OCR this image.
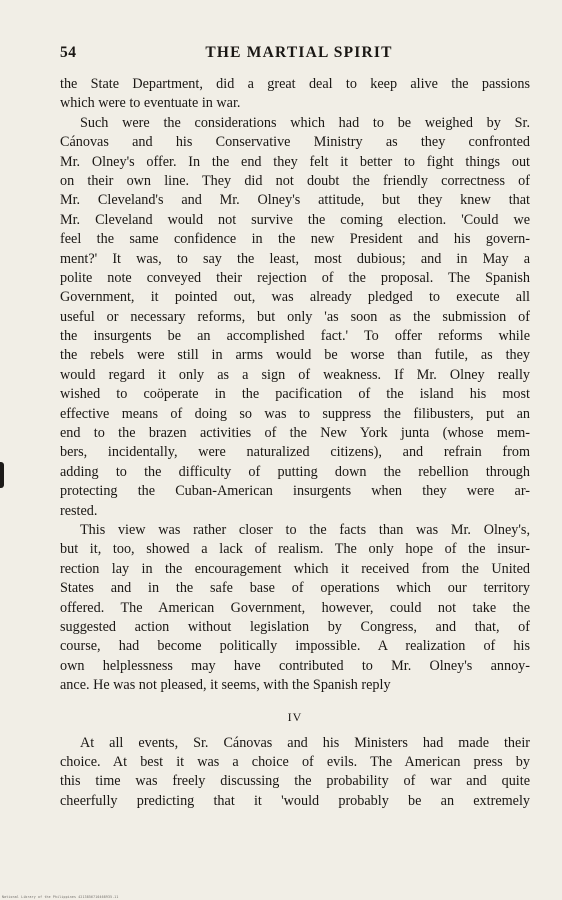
54	THE MARTIAL SPIRIT
the State Department, did a great deal to keep alive the passions
which were to eventuate in war.
Such were the considerations which had to be weighed by Sr.
Cánovas and his Conservative Ministry as they confronted
Mr. Olney's offer. In the end they felt it better to fight things out
on their own line. They did not doubt the friendly correctness of
Mr. Cleveland's and Mr. Olney's attitude, but they knew that
Mr. Cleveland would not survive the coming election. 'Could we
feel the same confidence in the new President and his govern-
ment?' It was, to say the least, most dubious; and in May a
polite note conveyed their rejection of the proposal. The Spanish
Government, it pointed out, was already pledged to execute all
useful or necessary reforms, but only 'as soon as the submission of
the insurgents be an accomplished fact.' To offer reforms while
the rebels were still in arms would be worse than futile, as they
would regard it only as a sign of weakness. If Mr. Olney really
wished to coöperate in the pacification of the island his most
effective means of doing so was to suppress the filibusters, put an
end to the brazen activities of the New York junta (whose mem-
bers, incidentally, were naturalized citizens), and refrain from
adding to the difficulty of putting down the rebellion through
protecting the Cuban-American insurgents when they were ar-
rested.
This view was rather closer to the facts than was Mr. Olney's,
but it, too, showed a lack of realism. The only hope of the insur-
rection lay in the encouragement which it received from the United
States and in the safe base of operations which our territory
offered. The American Government, however, could not take the
suggested action without legislation by Congress, and that, of
course, had become politically impossible. A realization of his
own helplessness may have contributed to Mr. Olney's annoy-
ance. He was not pleased, it seems, with the Spanish reply
IV
At all events, Sr. Cánovas and his Ministers had made their
choice. At best it was a choice of evils. The American press by
this time was freely discussing the probability of war and quite
cheerfully predicting that it 'would probably be an extremely
National Library of the Philippines 4213856710468935.11
